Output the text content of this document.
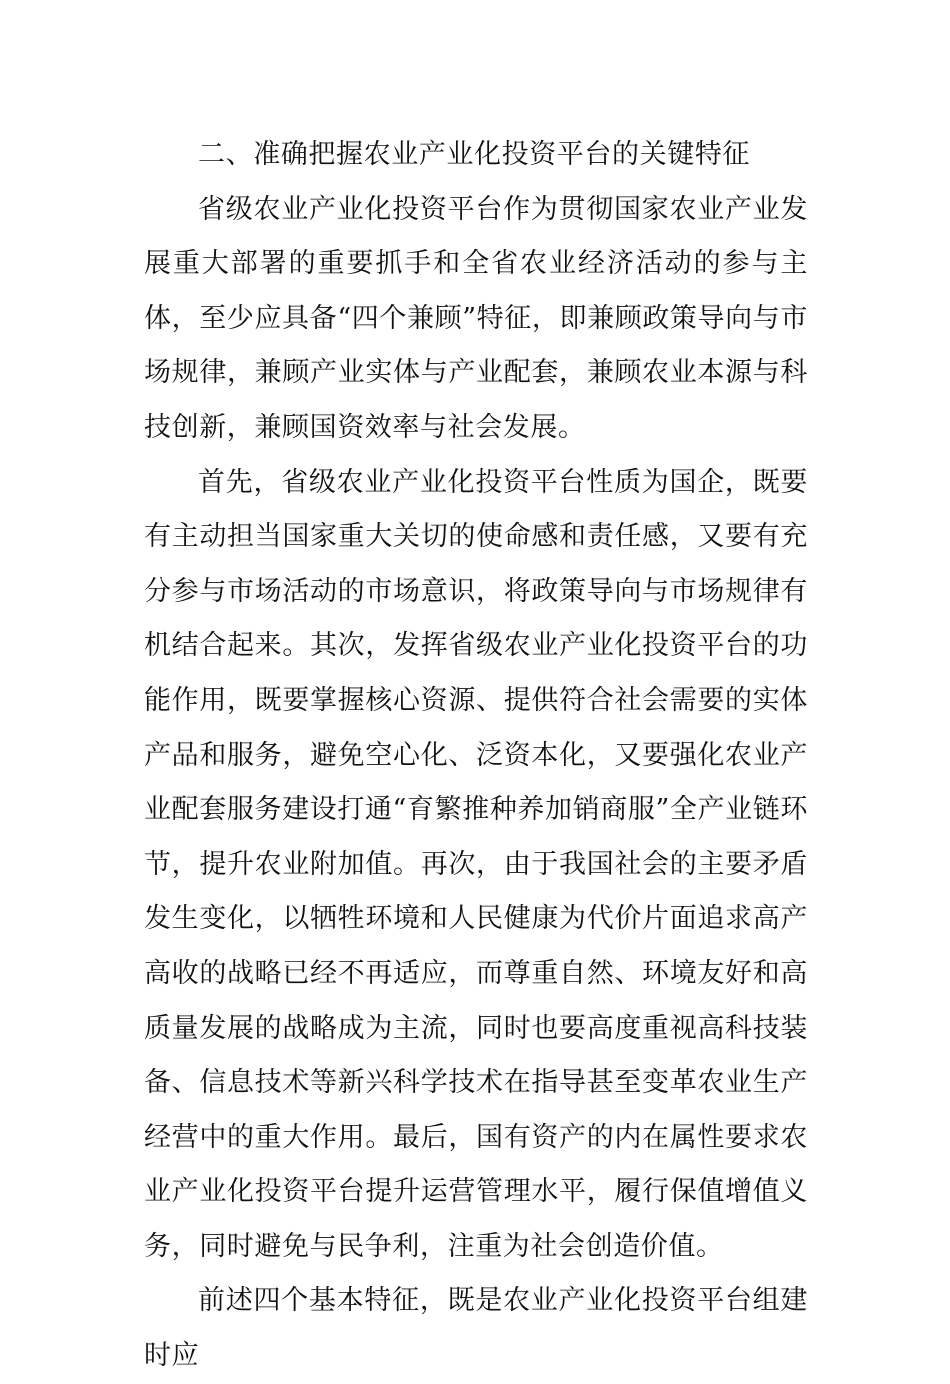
二、准确把握农业产业化投资平台的关键特征

省级农业产业化投资平台作为贯彻国家农业产业发展重大部署的重要抓手和全省农业经济活动的参与主体，至少应具备“四个兼顾”特征，即兼顾政策导向与市场规律，兼顾产业实体与产业配套，兼顾农业本源与科技创新，兼顾国资效率与社会发展。

首先，省级农业产业化投资平台性质为国企，既要有主动担当国家重大关切的使命感和责任感，又要有充分参与市场活动的市场意识，将政策导向与市场规律有机结合起来。其次，发挥省级农业产业化投资平台的功能作用，既要掌握核心资源、提供符合社会需要的实体产品和服务，避免空心化、泛资本化，又要强化农业产业配套服务建设打通“育繁推种养加销商服”全产业链环节，提升农业附加值。再次，由于我国社会的主要矛盾发生变化，以牺牲环境和人民健康为代价片面追求高产高收的战略已经不再适应，而尊重自然、环境友好和高质量发展的战略成为主流，同时也要高度重视高科技装备、信息技术等新兴科学技术在指导甚至变革农业生产经营中的重大作用。最后，国有资产的内在属性要求农业产业化投资平台提升运营管理水平，履行保值增值义务，同时避免与民争利，注重为社会创造价值。

前述四个基本特征，既是农业产业化投资平台组建时应
